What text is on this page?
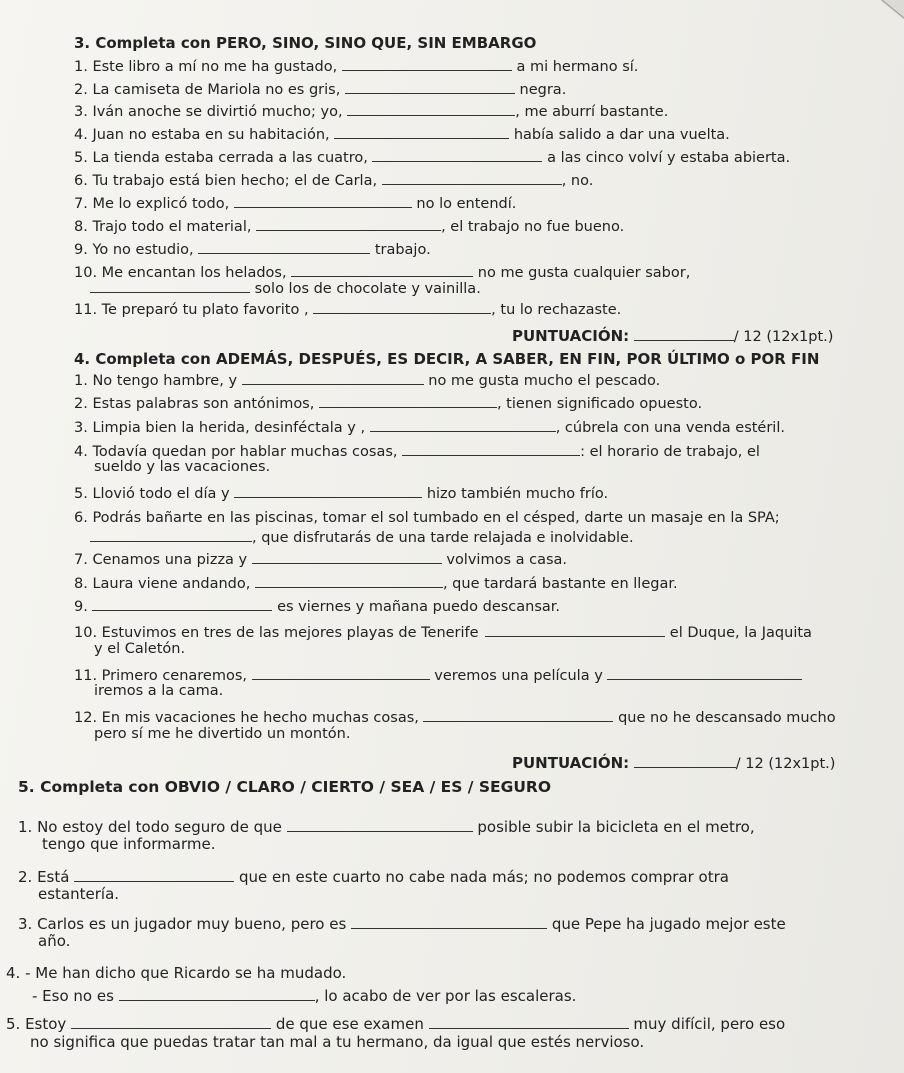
3. Completa con PERO, SINO, SINO QUE, SIN EMBARGO
1. Este libro a mí no me ha gustado,	a mi hermano sí.
2. La camiseta de Mariola no es gris,	negra.
3. Iván anoche se divirtió mucho; yo,	, me aburrí bastante.
4. Juan no estaba en su habitación,	había salido a dar una vuelta.
5. La tienda estaba cerrada a las cuatro,	a las cinco volví y estaba abierta.
6. Tu trabajo está bien hecho; el de Carla,	, no.
7. Me lo explicó todo,	no lo entendí.
8. Trajo todo el material,	, el trabajo no fue bueno.
9. Yo no estudio,	trabajo.
10. Me encantan los helados,	no me gusta cualquier sabor,
solo los de chocolate y vainilla.
11. Te preparó tu plato favorito ,	, tu lo rechazaste.
PUNTUACIÓN:	/ 12 (12x1pt.)
4. Completa con ADEMÁS, DESPUÉS, ES DECIR, A SABER, EN FIN, POR ÚLTIMO o POR FIN
1. No tengo hambre, y	no me gusta mucho el pescado.
2. Estas palabras son antónimos,	, tienen significado opuesto.
3. Limpia bien la herida, desinféctala y ,	, cúbrela con una venda estéril.
4. Todavía quedan por hablar muchas cosas,	: el horario de trabajo, el
sueldo y las vacaciones.
5. Llovió todo el día y	hizo también mucho frío.
6. Podrás bañarte en las piscinas, tomar el sol tumbado en el césped, darte un masaje en la SPA;
, que disfrutarás de una tarde relajada e inolvidable.
7. Cenamos una pizza y	volvimos a casa.
8. Laura viene andando,	, que tardará bastante en llegar.
9.	es viernes y mañana puedo descansar.
10. Estuvimos en tres de las mejores playas de Tenerife	el Duque, la Jaquita
y el Caletón.
11. Primero cenaremos,	veremos una película y
iremos a la cama.
12. En mis vacaciones he hecho muchas cosas,	que no he descansado mucho
pero sí me he divertido un montón.
PUNTUACIÓN:	/ 12 (12x1pt.)
5. Completa con OBVIO / CLARO / CIERTO / SEA / ES / SEGURO
1. No estoy del todo seguro de que	posible subir la bicicleta en el metro,
tengo que informarme.
2. Está	que en este cuarto no cabe nada más; no podemos comprar otra
estantería.
3. Carlos es un jugador muy bueno, pero es	que Pepe ha jugado mejor este
año.
4. - Me han dicho que Ricardo se ha mudado.
- Eso no es	, lo acabo de ver por las escaleras.
5. Estoy	de que ese examen	muy difícil, pero eso
no significa que puedas tratar tan mal a tu hermano, da igual que estés nervioso.
